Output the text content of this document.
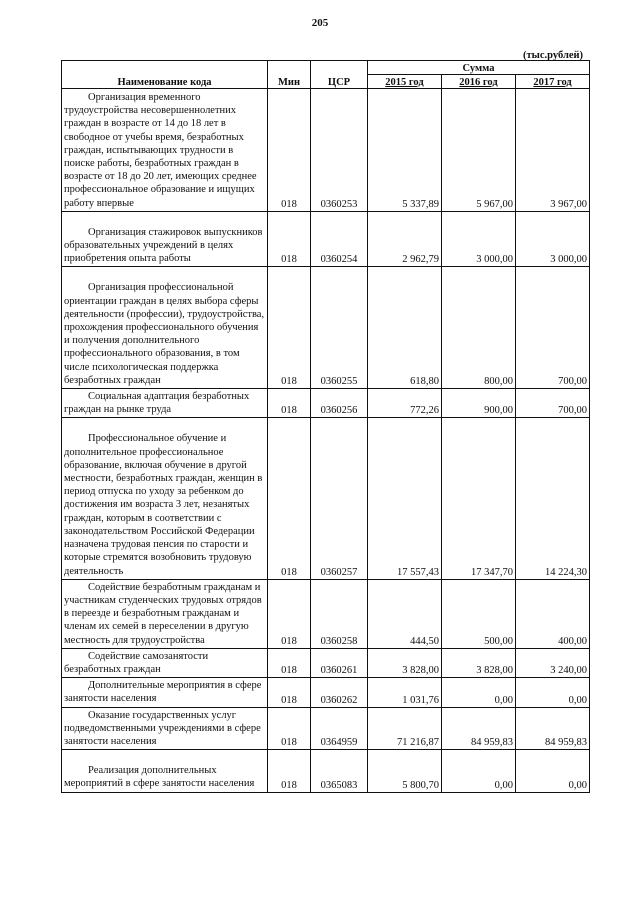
205
(тыс.рублей)
Наименование кода	Мин	ЦСР	Сумма		
			2015 год	2016 год	2017 год

Организация временного трудоустройства несовершеннолетних граждан в возрасте от 14 до 18 лет в свободное от учебы время, безработных граждан, испытывающих трудности в поиске работы, безработных граждан в возрасте от 18 до 20 лет, имеющих среднее профессиональное образование и ищущих работу впервые	018	0360253	5 337,89	5 967,00	3 967,00

Организация стажировок выпускников образовательных учреждений в целях приобретения опыта работы	018	0360254	2 962,79	3 000,00	3 000,00

Организация профессиональной ориентации граждан в целях выбора сферы деятельности (профессии), трудоустройства, прохождения профессионального обучения и получения дополнительного профессионального образования, в том числе психологическая поддержка безработных граждан	018	0360255	618,80	800,00	700,00

Социальная адаптация безработных граждан на рынке труда	018	0360256	772,26	900,00	700,00

Профессиональное обучение и дополнительное профессиональное образование, включая обучение в другой местности, безработных граждан, женщин в период отпуска по уходу за ребенком до достижения им возраста 3 лет, незанятых граждан, которым в соответствии с законодательством Российской Федерации назначена трудовая пенсия по старости и которые стремятся возобновить трудовую деятельность	018	0360257	17 557,43	17 347,70	14 224,30

Содействие безработным гражданам и участникам студенческих трудовых отрядов в переезде и безработным гражданам и членам их семей в переселении в другую местность для трудоустройства	018	0360258	444,50	500,00	400,00

Содействие самозанятости безработных граждан	018	0360261	3 828,00	3 828,00	3 240,00

Дополнительные мероприятия в сфере занятости населения	018	0360262	1 031,76	0,00	0,00

Оказание государственных услуг подведомственными учреждениями в сфере занятости населения	018	0364959	71 216,87	84 959,83	84 959,83

Реализация дополнительных мероприятий в сфере занятости населения	018	0365083	5 800,70	0,00	0,00
